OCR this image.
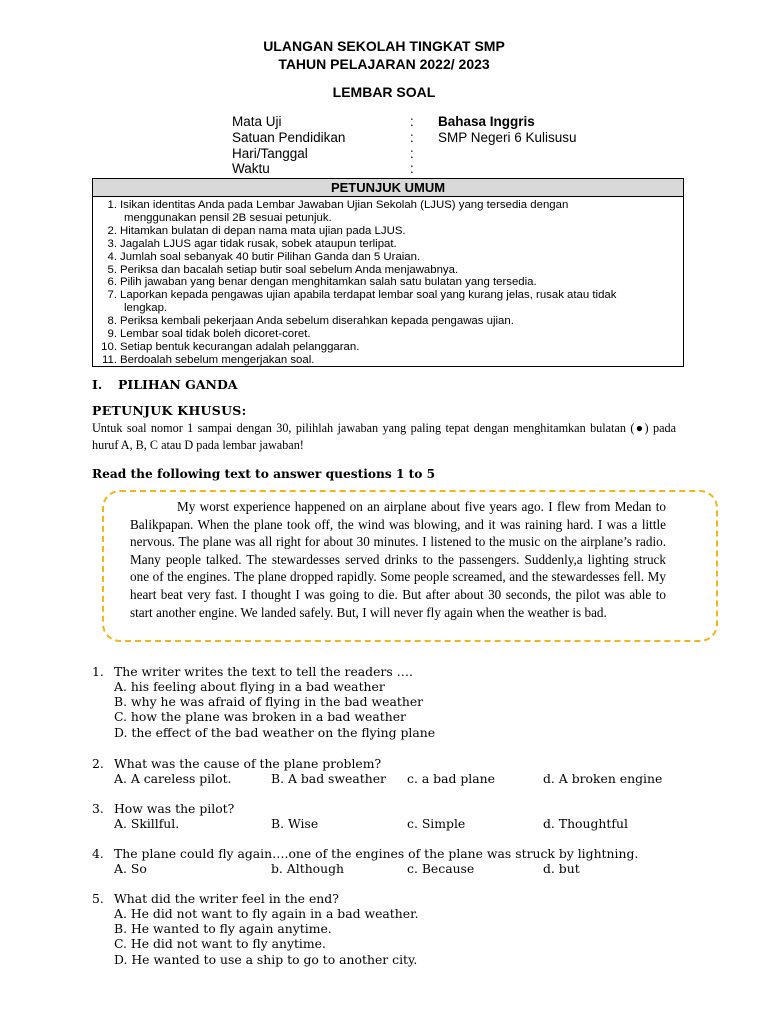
ULANGAN SEKOLAH TINGKAT SMP
TAHUN PELAJARAN 2022/ 2023
LEMBAR SOAL
Mata Uji	: Bahasa Inggris
Satuan Pendidikan	: SMP Negeri 6 Kulisusu
Hari/Tanggal	:
Waktu	:
PETUNJUK UMUM
1. Isikan identitas Anda pada Lembar Jawaban Ujian Sekolah (LJUS) yang tersedia dengan
menggunakan pensil 2B sesuai petunjuk.
2. Hitamkan bulatan di depan nama mata ujian pada LJUS.
3. Jagalah LJUS agar tidak rusak, sobek ataupun terlipat.
4. Jumlah soal sebanyak 40 butir Pilihan Ganda dan 5 Uraian.
5. Periksa dan bacalah setiap butir soal sebelum Anda menjawabnya.
6. Pilih jawaban yang benar dengan menghitamkan salah satu bulatan yang tersedia.
7. Laporkan kepada pengawas ujian apabila terdapat lembar soal yang kurang jelas, rusak atau tidak
lengkap.
8. Periksa kembali pekerjaan Anda sebelum diserahkan kepada pengawas ujian.
9. Lembar soal tidak boleh dicoret-coret.
10. Setiap bentuk kecurangan adalah pelanggaran.
11. Berdoalah sebelum mengerjakan soal.
I. PILIHAN GANDA
PETUNJUK KHUSUS:
Untuk soal nomor 1 sampai dengan 30, pilihlah jawaban yang paling tepat dengan menghitamkan bulatan (●) pada huruf A, B, C atau D pada lembar jawaban!
Read the following text to answer questions 1 to 5
My worst experience happened on an airplane about five years ago. I flew from Medan to Balikpapan. When the plane took off, the wind was blowing, and it was raining hard. I was a little nervous. The plane was all right for about 30 minutes. I listened to the music on the airplane’s radio. Many people talked. The stewardesses served drinks to the passengers. Suddenly,a lighting struck one of the engines. The plane dropped rapidly. Some people screamed, and the stewardesses fell. My heart beat very fast. I thought I was going to die. But after about 30 seconds, the pilot was able to start another engine. We landed safely. But, I will never fly again when the weather is bad.
1. The writer writes the text to tell the readers ….
A. his feeling about flying in a bad weather
B. why he was afraid of flying in the bad weather
C. how the plane was broken in a bad weather
D. the effect of the bad weather on the flying plane
2. What was the cause of the plane problem?
A. A careless pilot.	B. A bad sweather c. a bad plane	d. A broken engine
3. How was the pilot?
A. Skillful.	B. Wise	c. Simple	d. Thoughtful
4. The plane could fly again….one of the engines of the plane was struck by lightning.
A. So	b. Although	c. Because	d. but
5. What did the writer feel in the end?
A. He did not want to fly again in a bad weather.
B. He wanted to fly again anytime.
C. He did not want to fly anytime.
D. He wanted to use a ship to go to another city.
